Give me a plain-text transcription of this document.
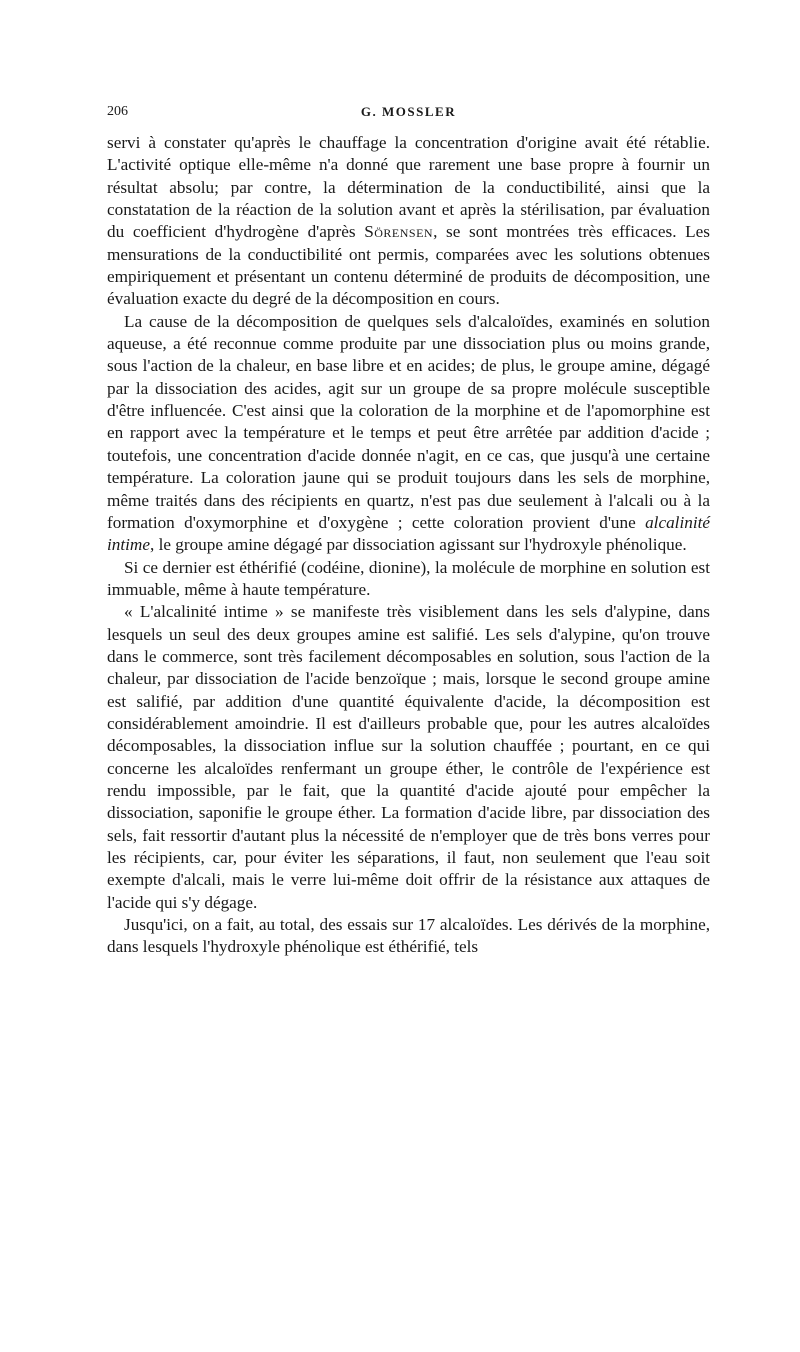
206	G. MOSSLER

servi à constater qu'après le chauffage la concentration d'origine avait été rétablie. L'activité optique elle-même n'a donné que rarement une base propre à fournir un résultat absolu; par contre, la détermination de la conductibilité, ainsi que la constatation de la réaction de la solution avant et après la stérilisation, par évaluation du coefficient d'hydrogène d'après Sörensen, se sont montrées très efficaces. Les mensurations de la conductibilité ont permis, comparées avec les solutions obtenues empiriquement et présentant un contenu déterminé de produits de décomposition, une évaluation exacte du degré de la décomposition en cours.

La cause de la décomposition de quelques sels d'alcaloïdes, examinés en solution aqueuse, a été reconnue comme produite par une dissociation plus ou moins grande, sous l'action de la chaleur, en base libre et en acides; de plus, le groupe amine, dégagé par la dissociation des acides, agit sur un groupe de sa propre molécule susceptible d'être influencée. C'est ainsi que la coloration de la morphine et de l'apomorphine est en rapport avec la température et le temps et peut être arrêtée par addition d'acide ; toutefois, une concentration d'acide donnée n'agit, en ce cas, que jusqu'à une certaine température. La coloration jaune qui se produit toujours dans les sels de morphine, même traités dans des récipients en quartz, n'est pas due seulement à l'alcali ou à la formation d'oxymorphine et d'oxygène ; cette coloration provient d'une alcalinité intime, le groupe amine dégagé par dissociation agissant sur l'hydroxyle phénolique.

Si ce dernier est éthérifié (codéine, dionine), la molécule de morphine en solution est immuable, même à haute température.

« L'alcalinité intime » se manifeste très visiblement dans les sels d'alypine, dans lesquels un seul des deux groupes amine est salifié. Les sels d'alypine, qu'on trouve dans le commerce, sont très facilement décomposables en solution, sous l'action de la chaleur, par dissociation de l'acide benzoïque ; mais, lorsque le second groupe amine est salifié, par addition d'une quantité équivalente d'acide, la décomposition est considérablement amoindrie. Il est d'ailleurs probable que, pour les autres alcaloïdes décomposables, la dissociation influe sur la solution chauffée ; pourtant, en ce qui concerne les alcaloïdes renfermant un groupe éther, le contrôle de l'expérience est rendu impossible, par le fait, que la quantité d'acide ajouté pour empêcher la dissociation, saponifie le groupe éther. La formation d'acide libre, par dissociation des sels, fait ressortir d'autant plus la nécessité de n'employer que de très bons verres pour les récipients, car, pour éviter les séparations, il faut, non seulement que l'eau soit exempte d'alcali, mais le verre lui-même doit offrir de la résistance aux attaques de l'acide qui s'y dégage.

Jusqu'ici, on a fait, au total, des essais sur 17 alcaloïdes. Les dérivés de la morphine, dans lesquels l'hydroxyle phénolique est éthérifié, tels
